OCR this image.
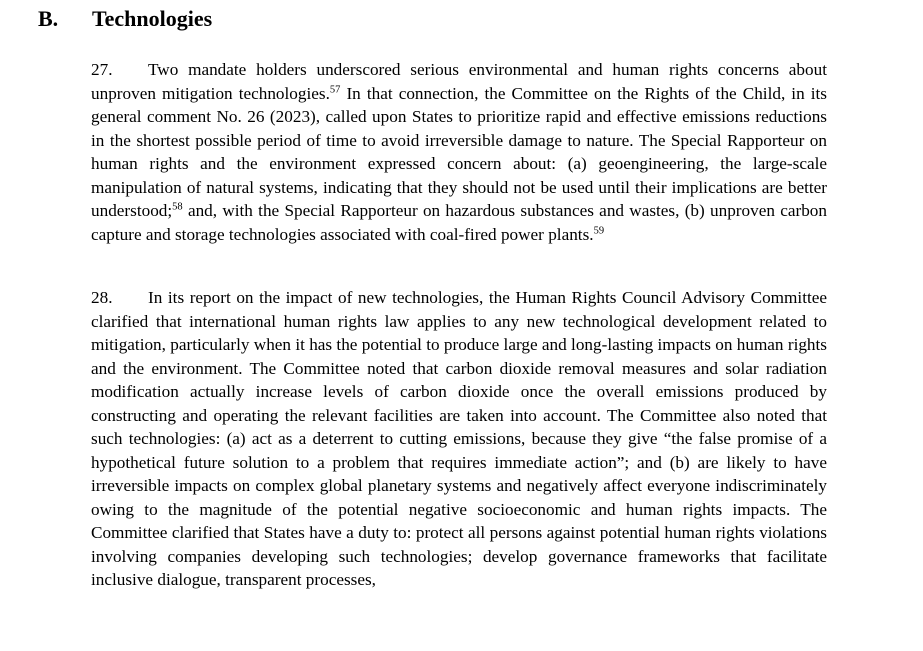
B. Technologies

27. Two mandate holders underscored serious environmental and human rights concerns about unproven mitigation technologies.$^{57}$ In that connection, the Committee on the Rights of the Child, in its general comment No. 26 (2023), called upon States to prioritize rapid and effective emissions reductions in the shortest possible period of time to avoid irreversible damage to nature. The Special Rapporteur on human rights and the environment expressed concern about: (a) geoengineering, the large-scale manipulation of natural systems, indicating that they should not be used until their implications are better understood;$^{58}$ and, with the Special Rapporteur on hazardous substances and wastes, (b) unproven carbon capture and storage technologies associated with coal-fired power plants.$^{59}$

28. In its report on the impact of new technologies, the Human Rights Council Advisory Committee clarified that international human rights law applies to any new technological development related to mitigation, particularly when it has the potential to produce large and long-lasting impacts on human rights and the environment. The Committee noted that carbon dioxide removal measures and solar radiation modification actually increase levels of carbon dioxide once the overall emissions produced by constructing and operating the relevant facilities are taken into account. The Committee also noted that such technologies: (a) act as a deterrent to cutting emissions, because they give “the false promise of a hypothetical future solution to a problem that requires immediate action”; and (b) are likely to have irreversible impacts on complex global planetary systems and negatively affect everyone indiscriminately owing to the magnitude of the potential negative socioeconomic and human rights impacts. The Committee clarified that States have a duty to: protect all persons against potential human rights violations involving companies developing such technologies; develop governance frameworks that facilitate inclusive dialogue, transparent processes,
